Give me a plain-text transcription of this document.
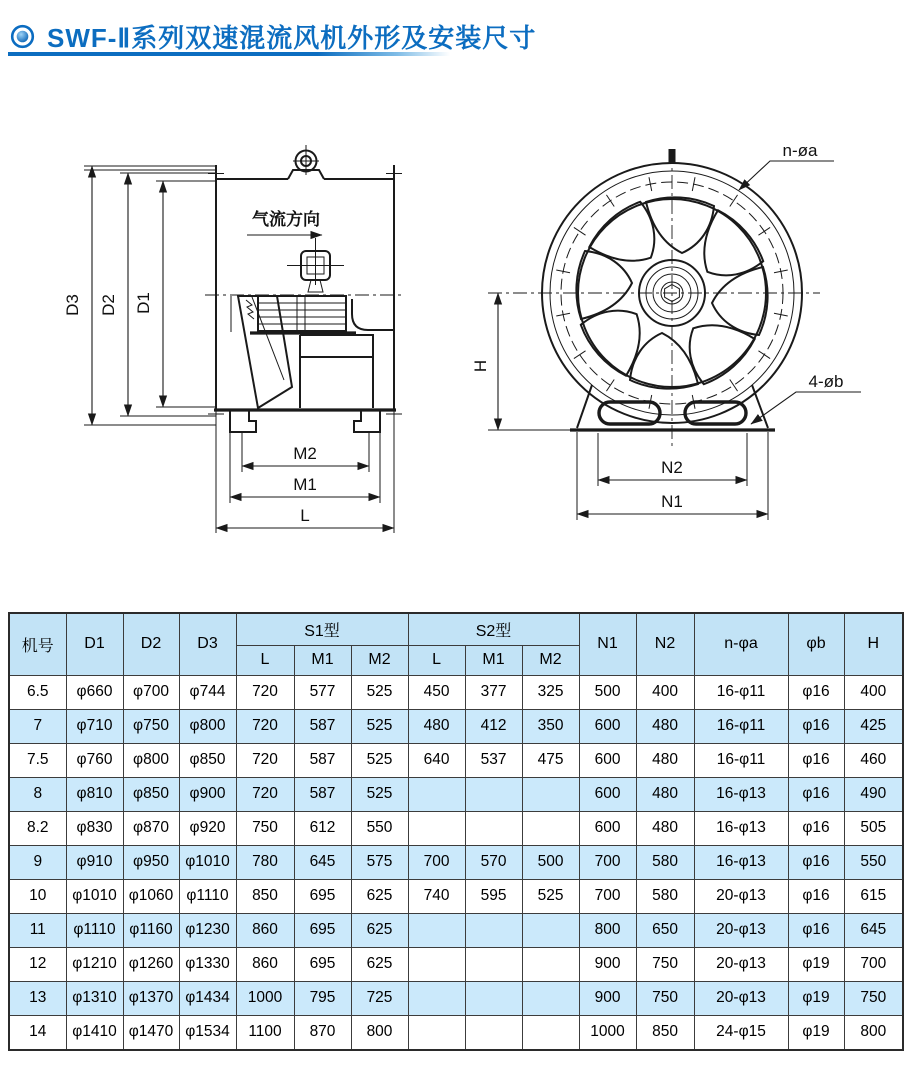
SWF-Ⅱ系列双速混流风机外形及安装尺寸
D3 D2 D1
气流方向
M2
M1
L
H
n-øa
4-øb
N2
N1
机号	D1	D2	D3	S1型			S2型			N1	N2	n-φa	φb	H
				L	M1	M2	L	M1	M2					
6.5	φ660	φ700	φ744	720	577	525	450	377	325	500	400	16-φ11	φ16	400
7	φ710	φ750	φ800	720	587	525	480	412	350	600	480	16-φ11	φ16	425
7.5	φ760	φ800	φ850	720	587	525	640	537	475	600	480	16-φ11	φ16	460
8	φ810	φ850	φ900	720	587	525				600	480	16-φ13	φ16	490
8.2	φ830	φ870	φ920	750	612	550				600	480	16-φ13	φ16	505
9	φ910	φ950	φ1010	780	645	575	700	570	500	700	580	16-φ13	φ16	550
10	φ1010	φ1060	φ1110	850	695	625	740	595	525	700	580	20-φ13	φ16	615
11	φ1110	φ1160	φ1230	860	695	625				800	650	20-φ13	φ16	645
12	φ1210	φ1260	φ1330	860	695	625				900	750	20-φ13	φ19	700
13	φ1310	φ1370	φ1434	1000	795	725				900	750	20-φ13	φ19	750
14	φ1410	φ1470	φ1534	1100	870	800				1000	850	24-φ15	φ19	800
